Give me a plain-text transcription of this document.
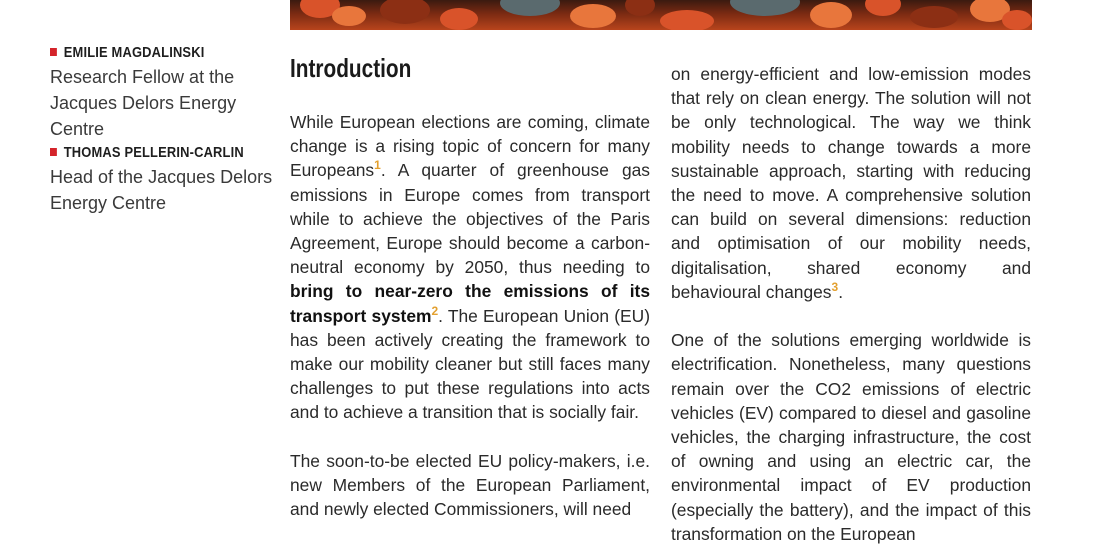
EMILIE MAGDALINSKI
Research Fellow at the Jacques Delors Energy Centre
THOMAS PELLERIN-CARLIN
Head of the Jacques Delors Energy Centre
Introduction

While European elections are coming, climate change is a rising topic of concern for many Europeans$^1$. A quarter of greenhouse gas emissions in Europe comes from transport while to achieve the objectives of the Paris Agreement, Europe should become a carbon-neutral economy by 2050, thus needing to bring to near-zero the emissions of its transport system$^2$. The European Union (EU) has been actively creating the framework to make our mobility cleaner but still faces many challenges to put these regulations into acts and to achieve a transition that is socially fair.

The soon-to-be elected EU policy-makers, i.e. new Members of the European Parliament, and newly elected Commissioners, will need

on energy-efficient and low-emission modes that rely on clean energy. The solution will not be only technological. The way we think mobility needs to change towards a more sustainable approach, starting with reducing the need to move. A comprehensive solution can build on several dimensions: reduction and optimisation of our mobility needs, digitalisation, shared economy and behavioural changes$^3$.

One of the solutions emerging worldwide is electrification. Nonetheless, many questions remain over the CO2 emissions of electric vehicles (EV) compared to diesel and gasoline vehicles, the charging infrastructure, the cost of owning and using an electric car, the environmental impact of EV production (especially the battery), and the impact of this transformation on the European
